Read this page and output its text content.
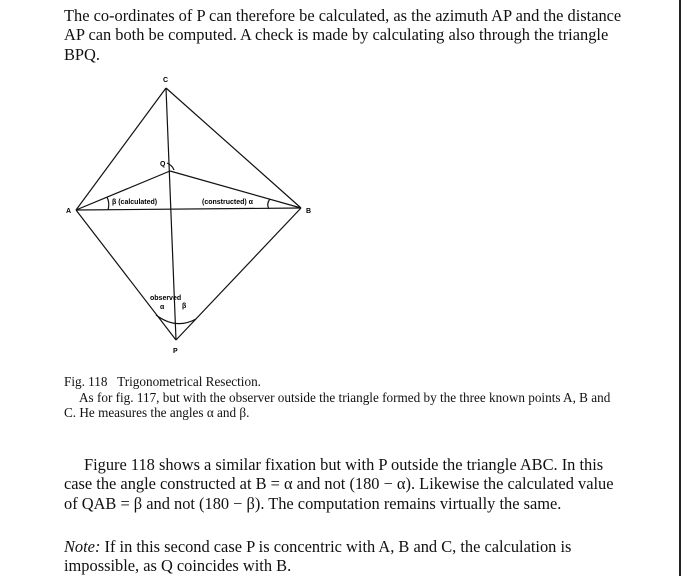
The co-ordinates of P can therefore be calculated, as the azimuth AP and the distance AP can both be computed. A check is made by calculating also through the triangle BPQ.

C
Q
A	B
P
β (calculated)	(constructed) α
observed
α	β

Fig. 118 Trigonometrical Resection.

As for fig. 117, but with the observer outside the triangle formed by the three known points A, B and C. He measures the angles α and β.

Figure 118 shows a similar fixation but with P outside the triangle ABC. In this case the angle constructed at B = α and not (180 − α). Likewise the calculated value of QAB = β and not (180 − β). The computation remains virtually the same.

Note: If in this second case P is concentric with A, B and C, the calculation is impossible, as Q coincides with B.
